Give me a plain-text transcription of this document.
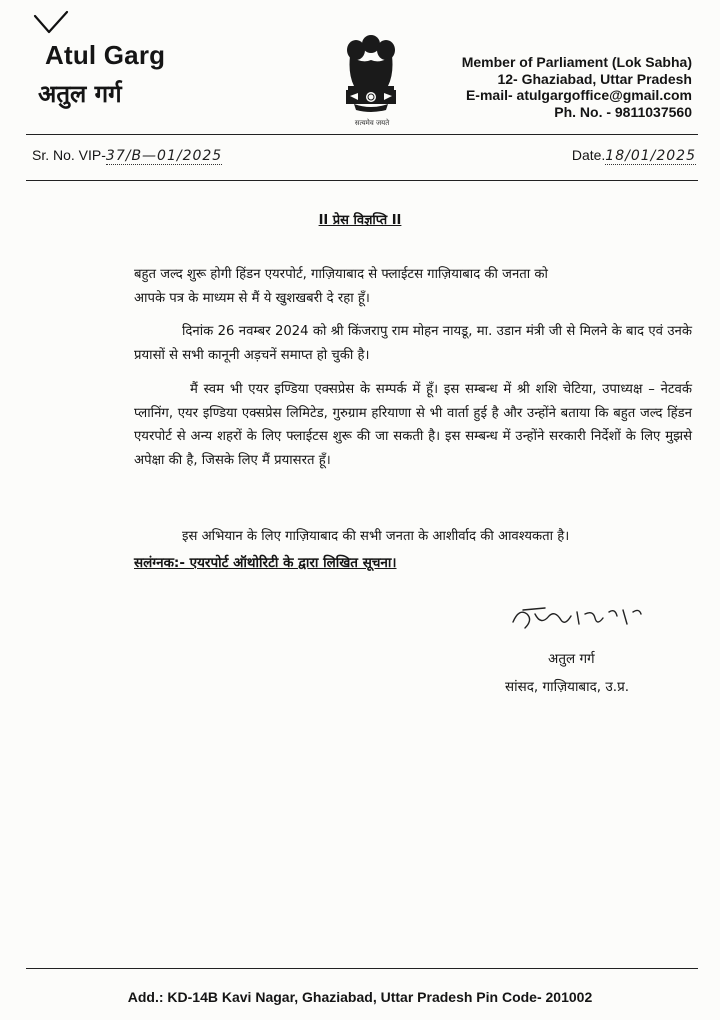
Atul Garg
अतुल गर्ग
सत्यमेव जयते
Member of Parliament (Lok Sabha)
12- Ghaziabad, Uttar Pradesh
E-mail- atulgargoffice@gmail.com
Ph. No. - 9811037560
Sr. No. VIP-37/B—01/2025	Date.18/01/2025
II प्रेस विज्ञप्ति II
बहुत जल्द शुरू होगी हिंडन एयरपोर्ट, गाज़ियाबाद से फ्लाईटस गाज़ियाबाद की जनता को
आपके पत्र के माध्यम से मैं ये खुशखबरी दे रहा हूँ।
दिनांक 26 नवम्बर 2024 को श्री किंजरापु राम मोहन नायडू, मा. उडान मंत्री जी से मिलने के बाद एवं उनके प्रयासों से सभी कानूनी अड़चनें समाप्त हो चुकी है।
मैं स्वम भी एयर इण्डिया एक्सप्रेस के सम्पर्क में हूँ। इस सम्बन्ध में श्री शशि चेटिया, उपाध्यक्ष – नेटवर्क प्लानिंग, एयर इण्डिया एक्सप्रेस लिमिटेड, गुरुग्राम हरियाणा से भी वार्ता हुई है और उन्होंने बताया कि बहुत जल्द हिंडन एयरपोर्ट से अन्य शहरों के लिए फ्लाईटस शुरू की जा सकती है। इस सम्बन्ध में उन्होंने सरकारी निर्देशों के लिए मुझसे अपेक्षा की है, जिसके लिए मैं प्रयासरत हूँ।
इस अभियान के लिए गाज़ियाबाद की सभी जनता के आशीर्वाद की आवश्यकता है।
सलंग्नक:- एयरपोर्ट ऑथोरिटी के द्वारा लिखित सूचना।
अतुल गर्ग
सांसद, गाज़ियाबाद, उ.प्र.
Add.: KD-14B Kavi Nagar, Ghaziabad, Uttar Pradesh Pin Code- 201002
